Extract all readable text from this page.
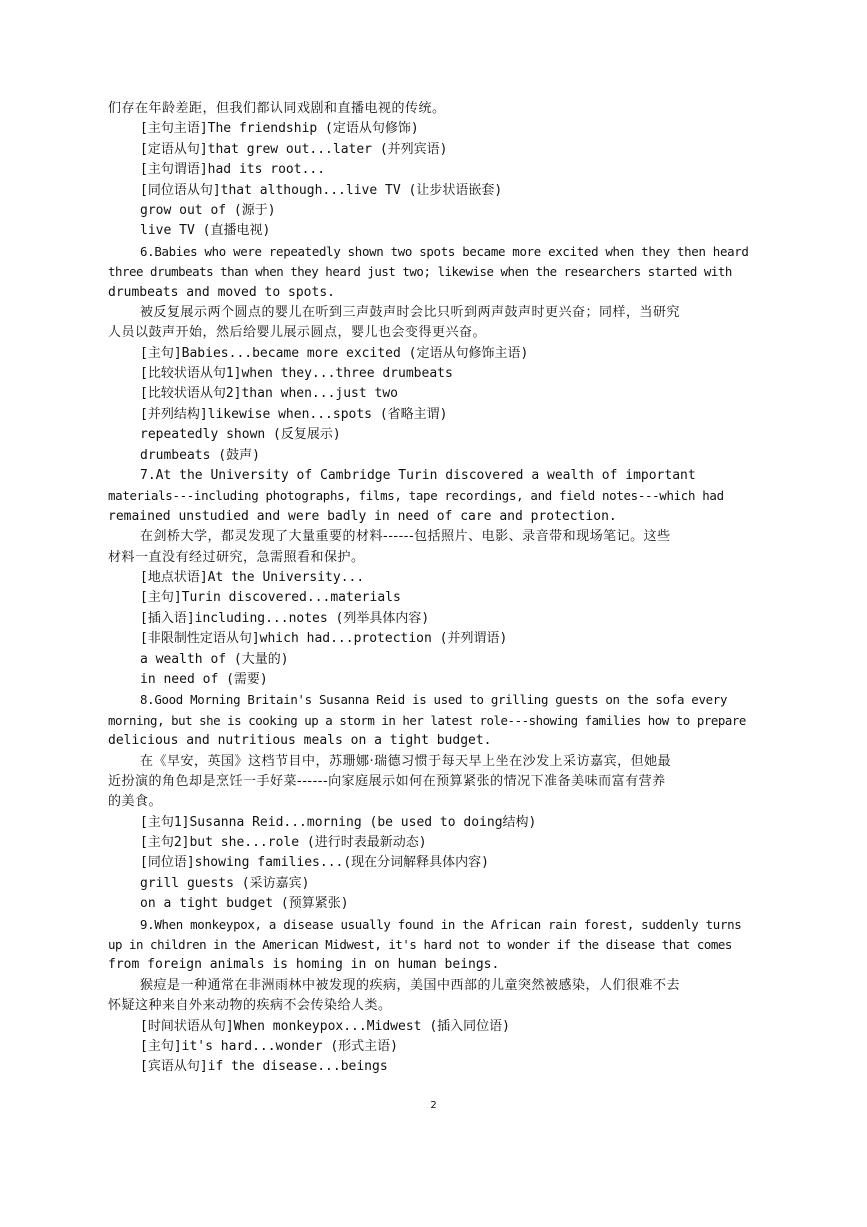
们存在年龄差距，但我们都认同戏剧和直播电视的传统。
[主句主语]The friendship (定语从句修饰)
[定语从句]that grew out...later (并列宾语)
[主句谓语]had its root...
[同位语从句]that although...live TV (让步状语嵌套)
grow out of (源于)
live TV (直播电视)
6.Babies who were repeatedly shown two spots became more excited when they then heard
three drumbeats than when they heard just two; likewise when the researchers started with
drumbeats and moved to spots.
被反复展示两个圆点的婴儿在听到三声鼓声时会比只听到两声鼓声时更兴奋；同样，当研究
人员以鼓声开始，然后给婴儿展示圆点，婴儿也会变得更兴奋。
[主句]Babies...became more excited (定语从句修饰主语)
[比较状语从句1]when they...three drumbeats
[比较状语从句2]than when...just two
[并列结构]likewise when...spots (省略主谓)
repeatedly shown (反复展示)
drumbeats (鼓声)
7.At the University of Cambridge Turin discovered a wealth of important
materials---including photographs, films, tape recordings, and field notes---which had
remained unstudied and were badly in need of care and protection.
在剑桥大学，都灵发现了大量重要的材料------包括照片、电影、录音带和现场笔记。这些
材料一直没有经过研究，急需照看和保护。
[地点状语]At the University...
[主句]Turin discovered...materials
[插入语]including...notes (列举具体内容)
[非限制性定语从句]which had...protection (并列谓语)
a wealth of (大量的)
in need of (需要)
8.Good Morning Britain's Susanna Reid is used to grilling guests on the sofa every
morning, but she is cooking up a storm in her latest role---showing families how to prepare
delicious and nutritious meals on a tight budget.
在《早安，英国》这档节目中，苏珊娜·瑞德习惯于每天早上坐在沙发上采访嘉宾，但她最
近扮演的角色却是烹饪一手好菜------向家庭展示如何在预算紧张的情况下准备美味而富有营养
的美食。
[主句1]Susanna Reid...morning (be used to doing结构)
[主句2]but she...role (进行时表最新动态)
[同位语]showing families...(现在分词解释具体内容)
grill guests (采访嘉宾)
on a tight budget (预算紧张)
9.When monkeypox, a disease usually found in the African rain forest, suddenly turns
up in children in the American Midwest, it's hard not to wonder if the disease that comes
from foreign animals is homing in on human beings.
猴痘是一种通常在非洲雨林中被发现的疾病，美国中西部的儿童突然被感染，人们很难不去
怀疑这种来自外来动物的疾病不会传染给人类。
[时间状语从句]When monkeypox...Midwest (插入同位语)
[主句]it's hard...wonder (形式主语)
[宾语从句]if the disease...beings
2
